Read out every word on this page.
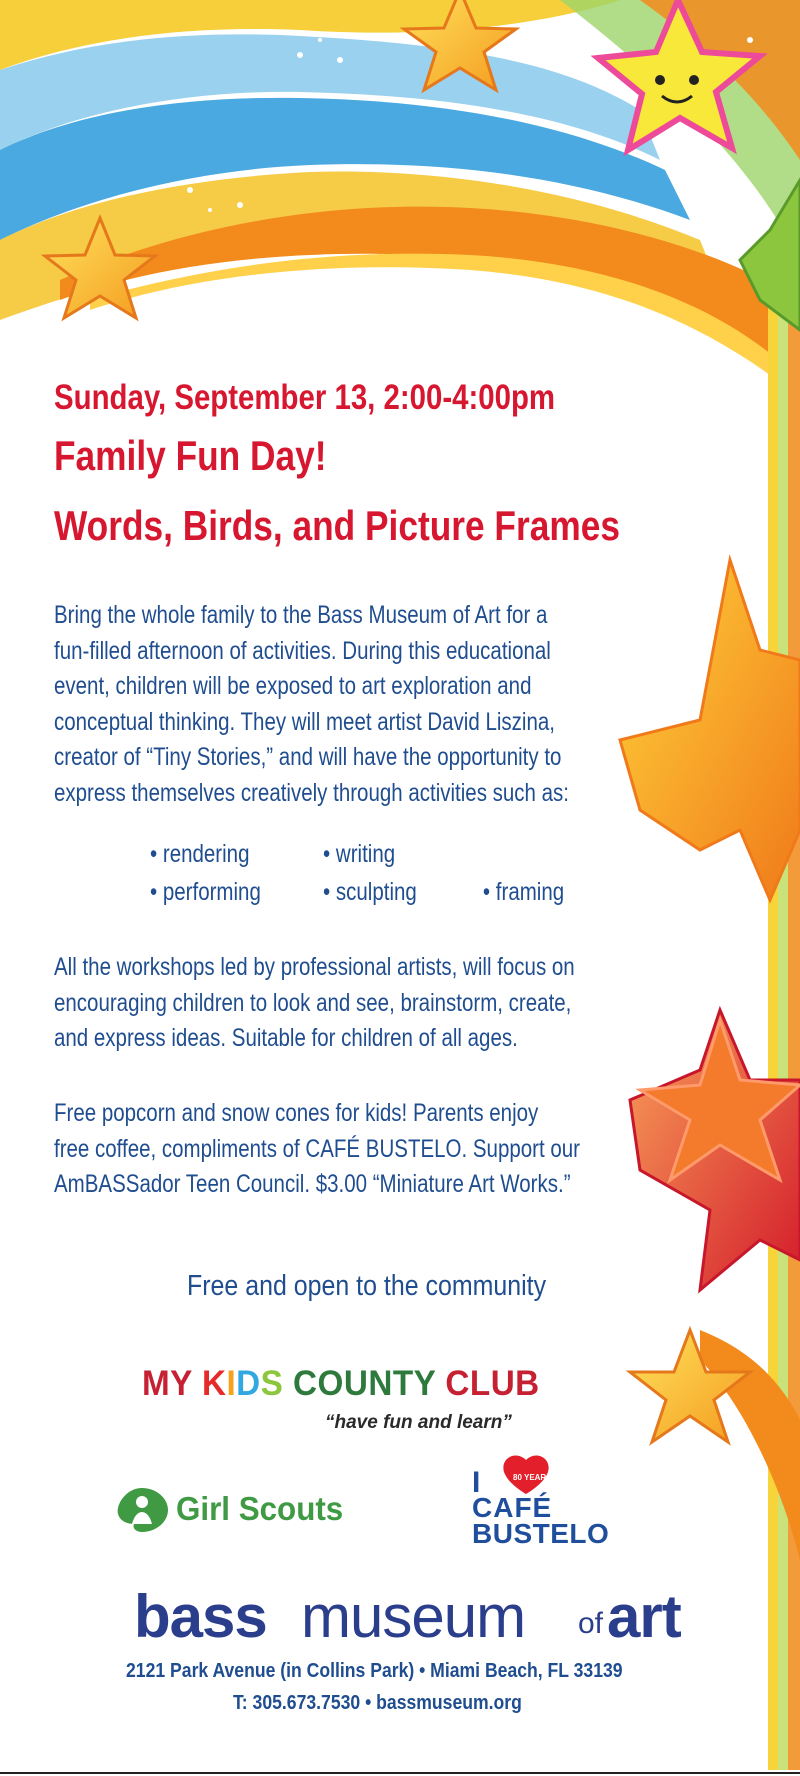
Sunday, September 13, 2:00-4:00pm
Family Fun Day!
Words, Birds, and Picture Frames
Bring the whole family to the Bass Museum of Art for a
fun-filled afternoon of activities. During this educational
event, children will be exposed to art exploration and
conceptual thinking. They will meet artist David Liszina,
creator of “Tiny Stories,” and will have the opportunity to
express themselves creatively through activities such as:
• rendering	• writing
• performing • sculpting	• framing
All the workshops led by professional artists, will focus on
encouraging children to look and see, brainstorm, create,
and express ideas. Suitable for children of all ages.
Free popcorn and snow cones for kids! Parents enjoy
free coffee, compliments of CAFÉ BUSTELO. Support our
AmBASSador Teen Council. $3.00 “Miniature Art Works.”
Free and open to the community
MY KIDS COUNTY CLUB
“have fun and learn”
Girl Scouts
I	80 YEARS
CAFÉ
BUSTELO
bass museum of art
2121 Park Avenue (in Collins Park) • Miami Beach, FL 33139
T: 305.673.7530 • bassmuseum.org
